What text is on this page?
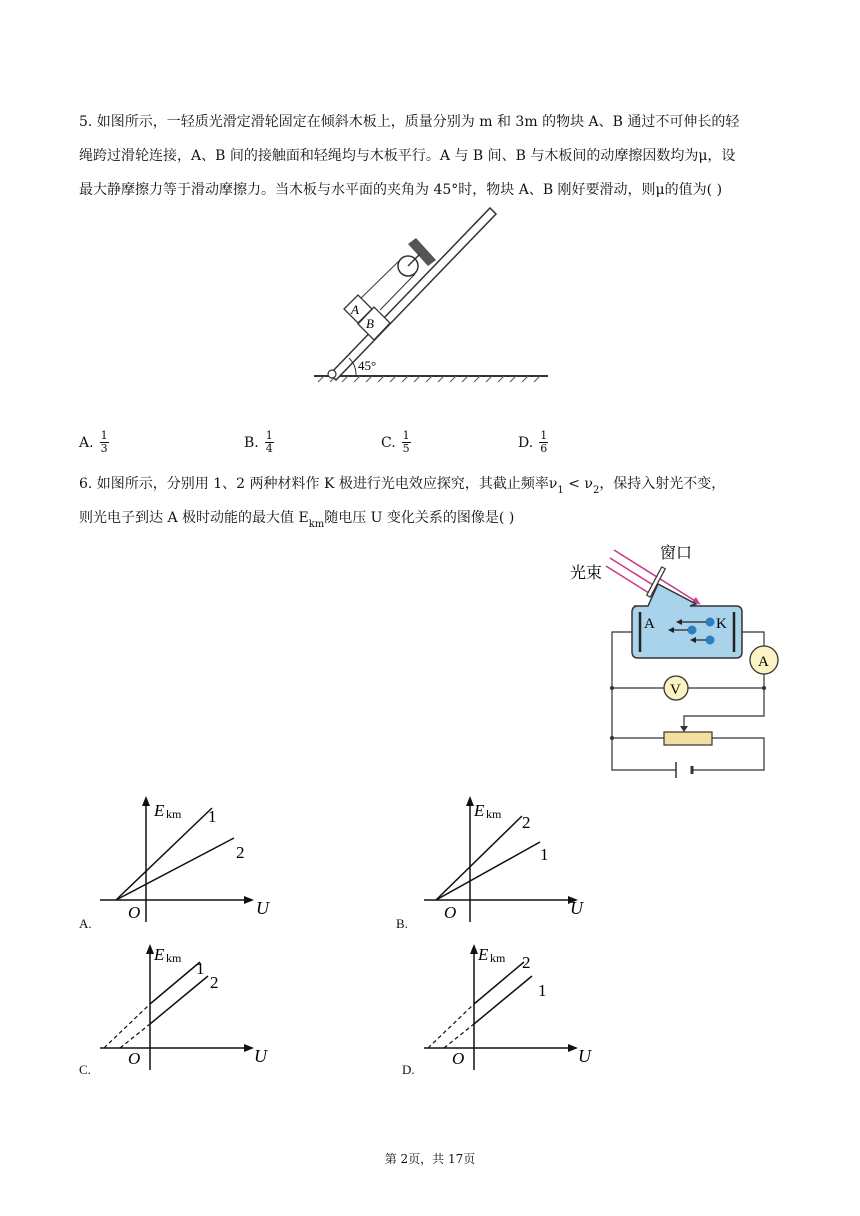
5. 如图所示，一轻质光滑定滑轮固定在倾斜木板上，质量分别为 m 和 3m 的物块 A、B 通过不可伸长的轻
绳跨过滑轮连接，A、B 间的接触面和轻绳均与木板平行。A 与 B 间、B 与木板间的动摩擦因数均为μ，设
最大静摩擦力等于滑动摩擦力。当木板与水平面的夹角为 45°时，物块 A、B 刚好要滑动，则μ的值为( )
45°
B
A
A. $\frac{1}{3}$	B. $\frac{1}{4}$	C. $\frac{1}{5}$	D. $\frac{1}{6}$
6. 如图所示，分别用 1、2 两种材料作 K 极进行光电效应探究，其截止频率$\nu_1 < \nu_2$，保持入射光不变，
则光电子到达 A 极时动能的最大值 $E_{km}$随电压 U 变化关系的图像是( )
光束
窗口
A	K
A
V
E km
U
O
1
2
A.
E km
U
O
2
1
B.
E km
U
O
1
2
C.
E km
U
O
2
1
D.
第 2页，共 17页
